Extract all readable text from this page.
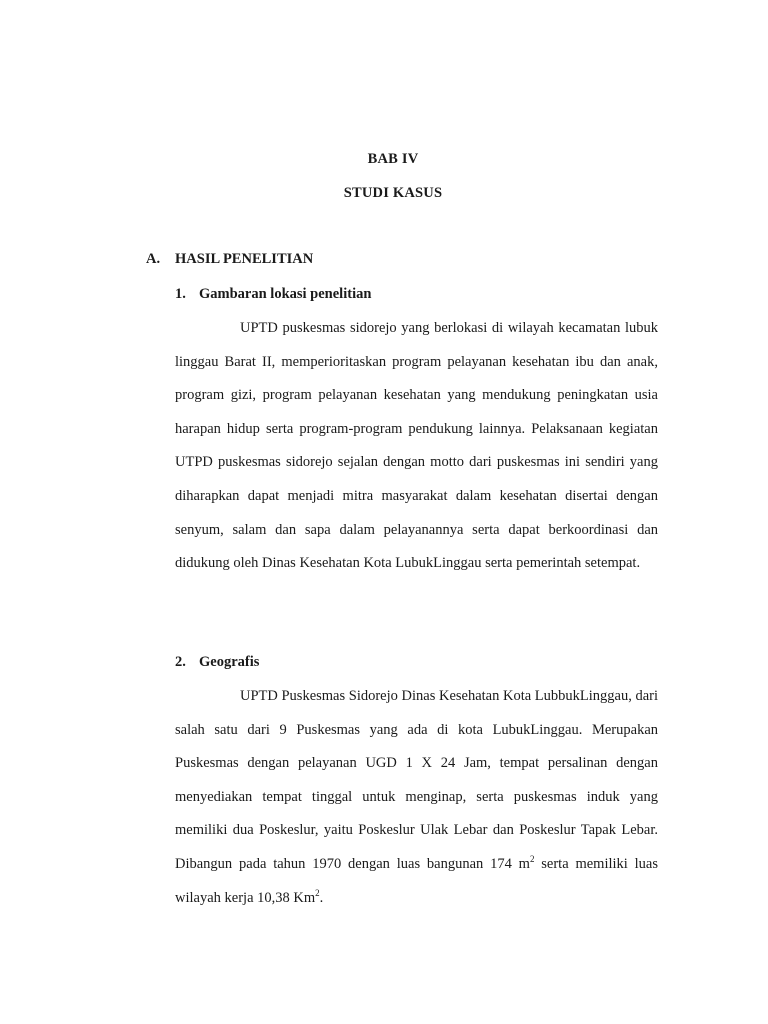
BAB IV
STUDI KASUS
A. HASIL PENELITIAN
1. Gambaran lokasi penelitian

UPTD puskesmas sidorejo yang berlokasi di wilayah kecamatan lubuk linggau Barat II, memperioritaskan program pelayanan kesehatan ibu dan anak, program gizi, program pelayanan kesehatan yang mendukung peningkatan usia harapan hidup serta program-program pendukung lainnya. Pelaksanaan kegiatan UTPD puskesmas sidorejo sejalan dengan motto dari puskesmas ini sendiri yang diharapkan dapat menjadi mitra masyarakat dalam kesehatan disertai dengan senyum, salam dan sapa dalam pelayanannya serta dapat berkoordinasi dan didukung oleh Dinas Kesehatan Kota LubukLinggau serta pemerintah setempat.

2. Geografis

UPTD Puskesmas Sidorejo Dinas Kesehatan Kota LubbukLinggau, dari salah satu dari 9 Puskesmas yang ada di kota LubukLinggau. Merupakan Puskesmas dengan pelayanan UGD 1 X 24 Jam, tempat persalinan dengan menyediakan tempat tinggal untuk menginap, serta puskesmas induk yang memiliki dua Poskeslur, yaitu Poskeslur Ulak Lebar dan Poskeslur Tapak Lebar. Dibangun pada tahun 1970 dengan luas bangunan 174 $m^2$ serta memiliki luas wilayah kerja 10,38 Km$^2$.
